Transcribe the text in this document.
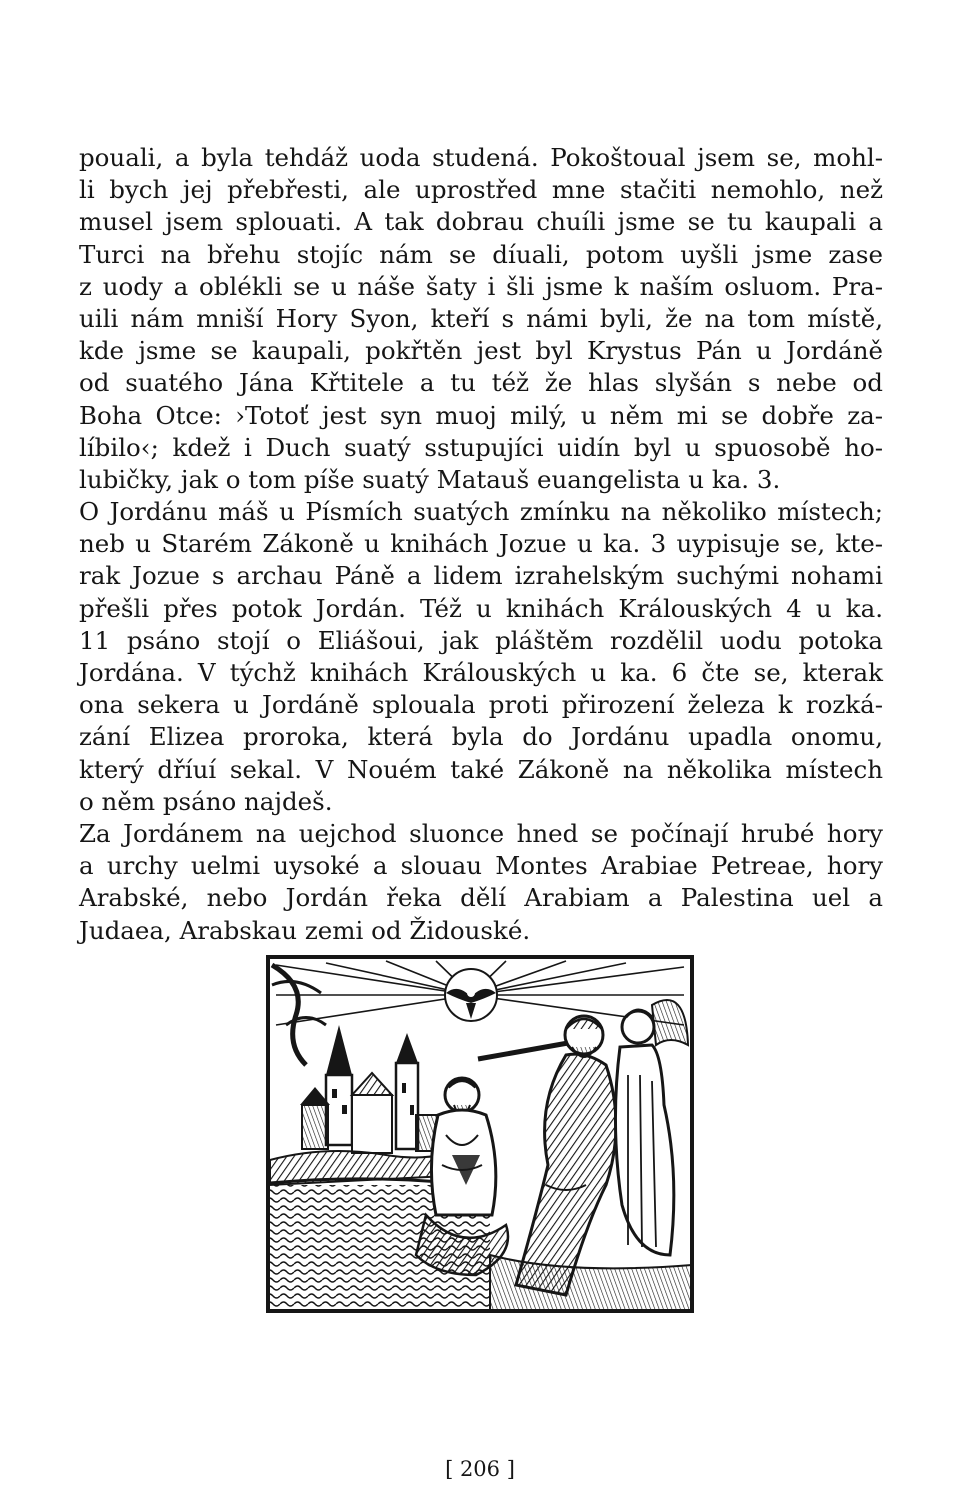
pouali, a byla tehdáž uoda studená. Pokoštoual jsem se, mohl-
li bych jej přebřesti, ale uprostřed mne stačiti nemohlo, než
musel jsem splouati. A tak dobrau chuíli jsme se tu kaupali a
Turci na břehu stojíc nám se díuali, potom uyšli jsme zase
z uody a oblékli se u náše šaty i šli jsme k naším osluom. Pra-
uili nám mniší Hory Syon, kteří s námi byli, že na tom místě,
kde jsme se kaupali, pokřtěn jest byl Krystus Pán u Jordáně
od suatého Jána Křtitele a tu též že hlas slyšán s nebe od
Boha Otce: ›Totoť jest syn muoj milý, u něm mi se dobře za-
líbilo‹; kdež i Duch suatý sstupujíci uidín byl u spuosobě ho-
lubičky, jak o tom píše suatý Matauš euangelista u ka. 3.
O Jordánu máš u Písmích suatých zmínku na několiko místech;
neb u Starém Zákoně u knihách Jozue u ka. 3 uypisuje se, kte-
rak Jozue s archau Páně a lidem izrahelským suchými nohami
přešli přes potok Jordán. Též u knihách Králouských 4 u ka.
11 psáno stojí o Eliášoui, jak pláštěm rozdělil uodu potoka
Jordána. V týchž knihách Králouských u ka. 6 čte se, kterak
ona sekera u Jordáně splouala proti přirození železa k rozká-
zání Elizea proroka, která byla do Jordánu upadla onomu,
který dříuí sekal. V Nouém také Zákoně na několika místech
o něm psáno najdeš.
Za Jordánem na uejchod sluonce hned se počínají hrubé hory
a urchy uelmi uysoké a slouau Montes Arabiae Petreae, hory
Arabské, nebo Jordán řeka dělí Arabiam a Palestina uel a
Judaea, Arabskau zemi od Židouské.
[ 206 ]
